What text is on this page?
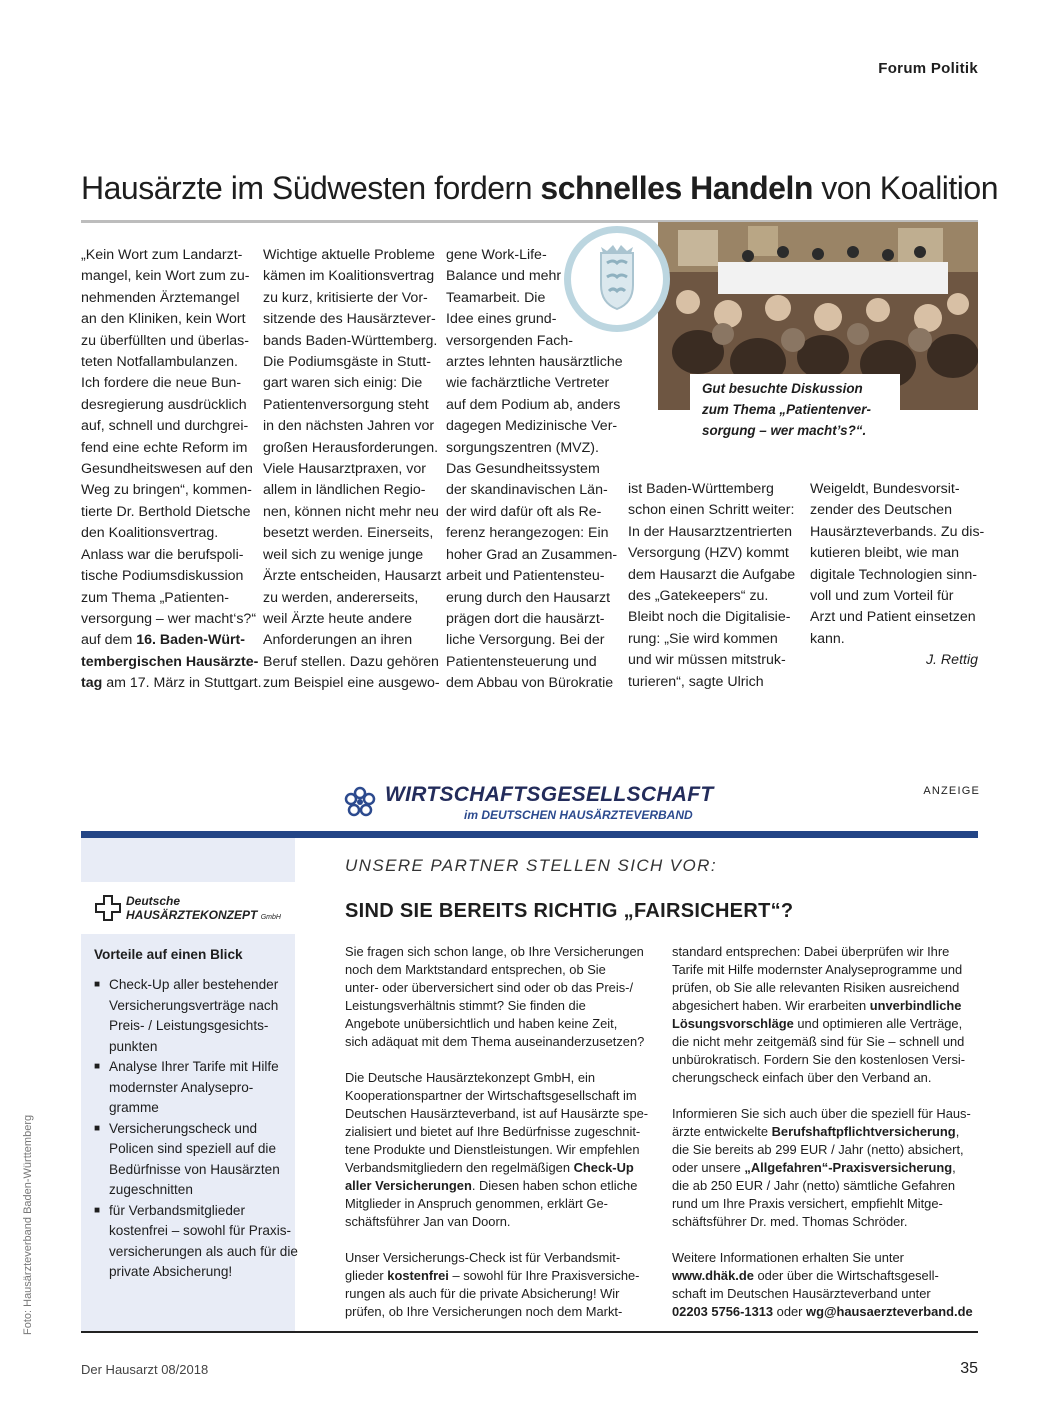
Forum Politik
Hausärzte im Südwesten fordern schnelles Handeln von Koalition

Gut besuchte Diskussion

zum Thema „Patientenver-

sorgung – wer macht’s?“.

„Kein Wort zum Landarzt-

mangel, kein Wort zum zu-

nehmenden Ärztemangel

an den Kliniken, kein Wort

zu überfüllten und überlas-

teten Notfallambulanzen.

Ich fordere die neue Bun-

desregierung ausdrücklich

auf, schnell und durchgrei-

fend eine echte Reform im

Gesundheitswesen auf den

Weg zu bringen“, kommen-

tierte Dr. Berthold Dietsche

den Koalitionsvertrag.

Anlass war die berufspoli-

tische Podiumsdiskussion

zum Thema „Patienten-

versorgung – wer macht‘s?“

auf dem 16. Baden-Würt-

tembergischen Hausärzte-

tag am 17. März in Stuttgart.

Wichtige aktuelle Probleme

kämen im Koalitionsvertrag

zu kurz, kritisierte der Vor-

sitzende des Hausärztever-

bands Baden-Württemberg.

Die Podiumsgäste in Stutt-

gart waren sich einig: Die

Patientenversorgung steht

in den nächsten Jahren vor

großen Herausforderungen.

Viele Hausarztpraxen, vor

allem in ländlichen Regio-

nen, können nicht mehr neu

besetzt werden. Einerseits,

weil sich zu wenige junge

Ärzte entscheiden, Hausarzt

zu werden, andererseits,

weil Ärzte heute andere

Anforderungen an ihren

Beruf stellen. Dazu gehören

zum Beispiel eine ausgewo-

gene Work-Life-

Balance und mehr

Teamarbeit. Die

Idee eines grund-

versorgenden Fach-

arztes lehnten hausärztliche

wie fachärztliche Vertreter

auf dem Podium ab, anders

dagegen Medizinische Ver-

sorgungszentren (MVZ).

Das Gesundheitssystem

der skandinavischen Län-

der wird dafür oft als Re-

ferenz herangezogen: Ein

hoher Grad an Zusammen-

arbeit und Patientensteu-

erung durch den Hausarzt

prägen dort die hausärzt-

liche Versorgung. Bei der

Patientensteuerung und

dem Abbau von Bürokratie

ist Baden-Württemberg

schon einen Schritt weiter:

In der Hausarztzentrierten

Versorgung (HZV) kommt

dem Hausarzt die Aufgabe

des „Gatekeepers“ zu.

Bleibt noch die Digitalisie-

rung: „Sie wird kommen

und wir müssen mitstruk-

turieren“, sagte Ulrich

Weigeldt, Bundesvorsit-

zender des Deutschen

Hausärzteverbands. Zu dis-

kutieren bleibt, wie man

digitale Technologien sinn-

voll und zum Vorteil für

Arzt und Patient einsetzen

kann.

J. Rettig

ANZEIGE
WIRTSCHAFTSGESELLSCHAFT
im DEUTSCHEN HAUSÄRZTEVERBAND
Deutsche
HAUSÄRZTEKONZEPT GmbH
Vorteile auf einen Blick
■ Check-Up aller bestehender
Versicherungsverträge nach
Preis- / Leistungsgesichts-
punkten
■ Analyse Ihrer Tarife mit Hilfe
modernster Analysepro-
gramme
■ Versicherungscheck und
Policen sind speziell auf die
Bedürfnisse von Hausärzten
zugeschnitten
■ für Verbandsmitglieder
kostenfrei – sowohl für Praxis-
versicherungen als auch für die
private Absicherung!
UNSERE PARTNER STELLEN SICH VOR:
SIND SIE BEREITS RICHTIG „FAIRSICHERT“?

Sie fragen sich schon lange, ob Ihre Versicherungen

noch dem Marktstandard entsprechen, ob Sie

unter- oder überversichert sind oder ob das Preis-/

Leistungsverhältnis stimmt? Sie finden die

Angebote unübersichtlich und haben keine Zeit,

sich adäquat mit dem Thema auseinanderzusetzen?

Die Deutsche Hausärztekonzept GmbH, ein

Kooperationspartner der Wirtschaftsgesellschaft im

Deutschen Hausärzteverband, ist auf Hausärzte spe-

zialisiert und bietet auf Ihre Bedürfnisse zugeschnit-

tene Produkte und Dienstleistungen. Wir empfehlen

Verbandsmitgliedern den regelmäßigen Check-Up

aller Versicherungen. Diesen haben schon etliche

Mitglieder in Anspruch genommen, erklärt Ge-

schäftsführer Jan van Doorn.

Unser Versicherungs-Check ist für Verbandsmit-

glieder kostenfrei – sowohl für Ihre Praxisversiche-

rungen als auch für die private Absicherung! Wir

prüfen, ob Ihre Versicherungen noch dem Markt-

standard entsprechen: Dabei überprüfen wir Ihre

Tarife mit Hilfe modernster Analyseprogramme und

prüfen, ob Sie alle relevanten Risiken ausreichend

abgesichert haben. Wir erarbeiten unverbindliche

Lösungsvorschläge und optimieren alle Verträge,

die nicht mehr zeitgemäß sind für Sie – schnell und

unbürokratisch. Fordern Sie den kostenlosen Versi-

cherungscheck einfach über den Verband an.

Informieren Sie sich auch über die speziell für Haus-

ärzte entwickelte Berufshaftpflichtversicherung,

die Sie bereits ab 299 EUR / Jahr (netto) absichert,

oder unsere „Allgefahren“-Praxisversicherung,

die ab 250 EUR / Jahr (netto) sämtliche Gefahren

rund um Ihre Praxis versichert, empfiehlt Mitge-

schäftsführer Dr. med. Thomas Schröder.

Weitere Informationen erhalten Sie unter

www.dhäk.de oder über die Wirtschaftsgesell-

schaft im Deutschen Hausärzteverband unter

02203 5756-1313 oder wg@hausaerzteverband.de

Der Hausarzt 08/2018	35
Foto: Hausärzteverband Baden-Württemberg
